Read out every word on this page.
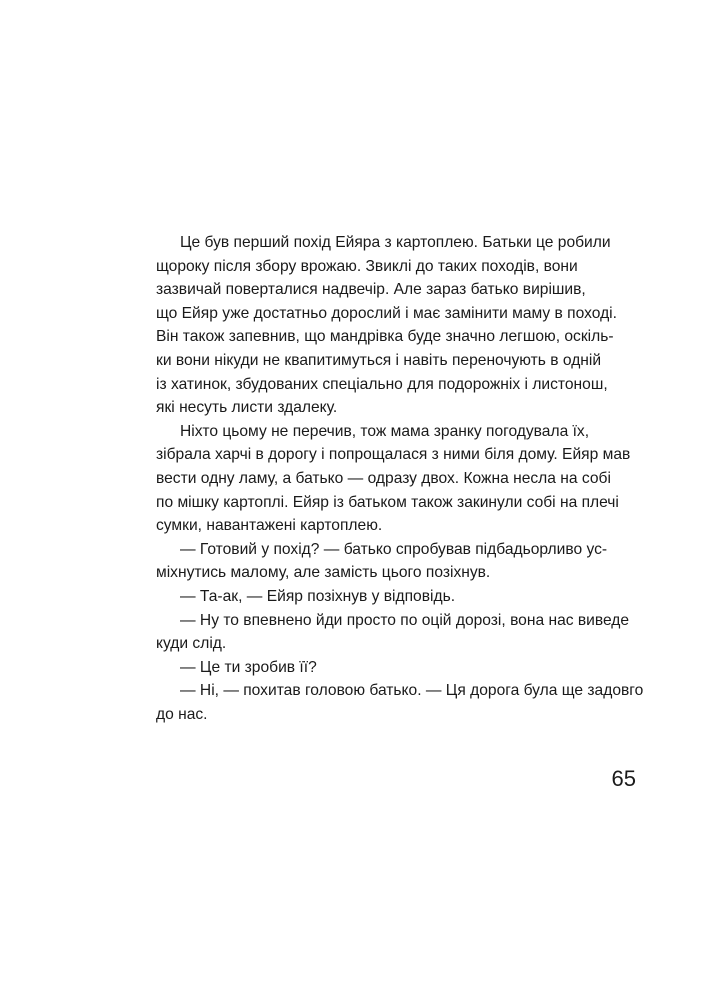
Це був перший похід Ейяра з картоплею. Батьки це робили
щороку після збору врожаю. Звиклі до таких походів, вони
зазвичай повертaлися надвечір. Але зараз батько вирішив,
що Ейяр уже достатньо дорослий і має замінити маму в поході.
Він також запевнив, що мандрівка буде значно легшою, оскіль-
ки вони нікуди не квапитимуться і навіть переночують в одній
із хатинок, збудованих спеціально для подорожніх і листонош,
які несуть листи здалеку.
Ніхто цьому не перечив, тож мама зранку погодувала їх,
зібрала харчі в дорогу і попрощалася з ними біля дому. Ейяр мав
вести одну ламу, а батько — одразу двох. Кожна несла на собі
по мішку картоплі. Ейяр із батьком також закинули собі на плечі
сумки, навантажені картоплею.
— Готовий у похід? — батько спробував підбадьорливо ус-
міхнутись малому, але замість цього позіхнув.
— Та-ак, — Ейяр позіхнув у відповідь.
— Ну то впевнено йди просто по оцій дорозі, вона нас виведе
куди слід.
— Це ти зробив її?
— Ні, — похитав головою батько. — Ця дорога була ще задовго
до нас.
65
